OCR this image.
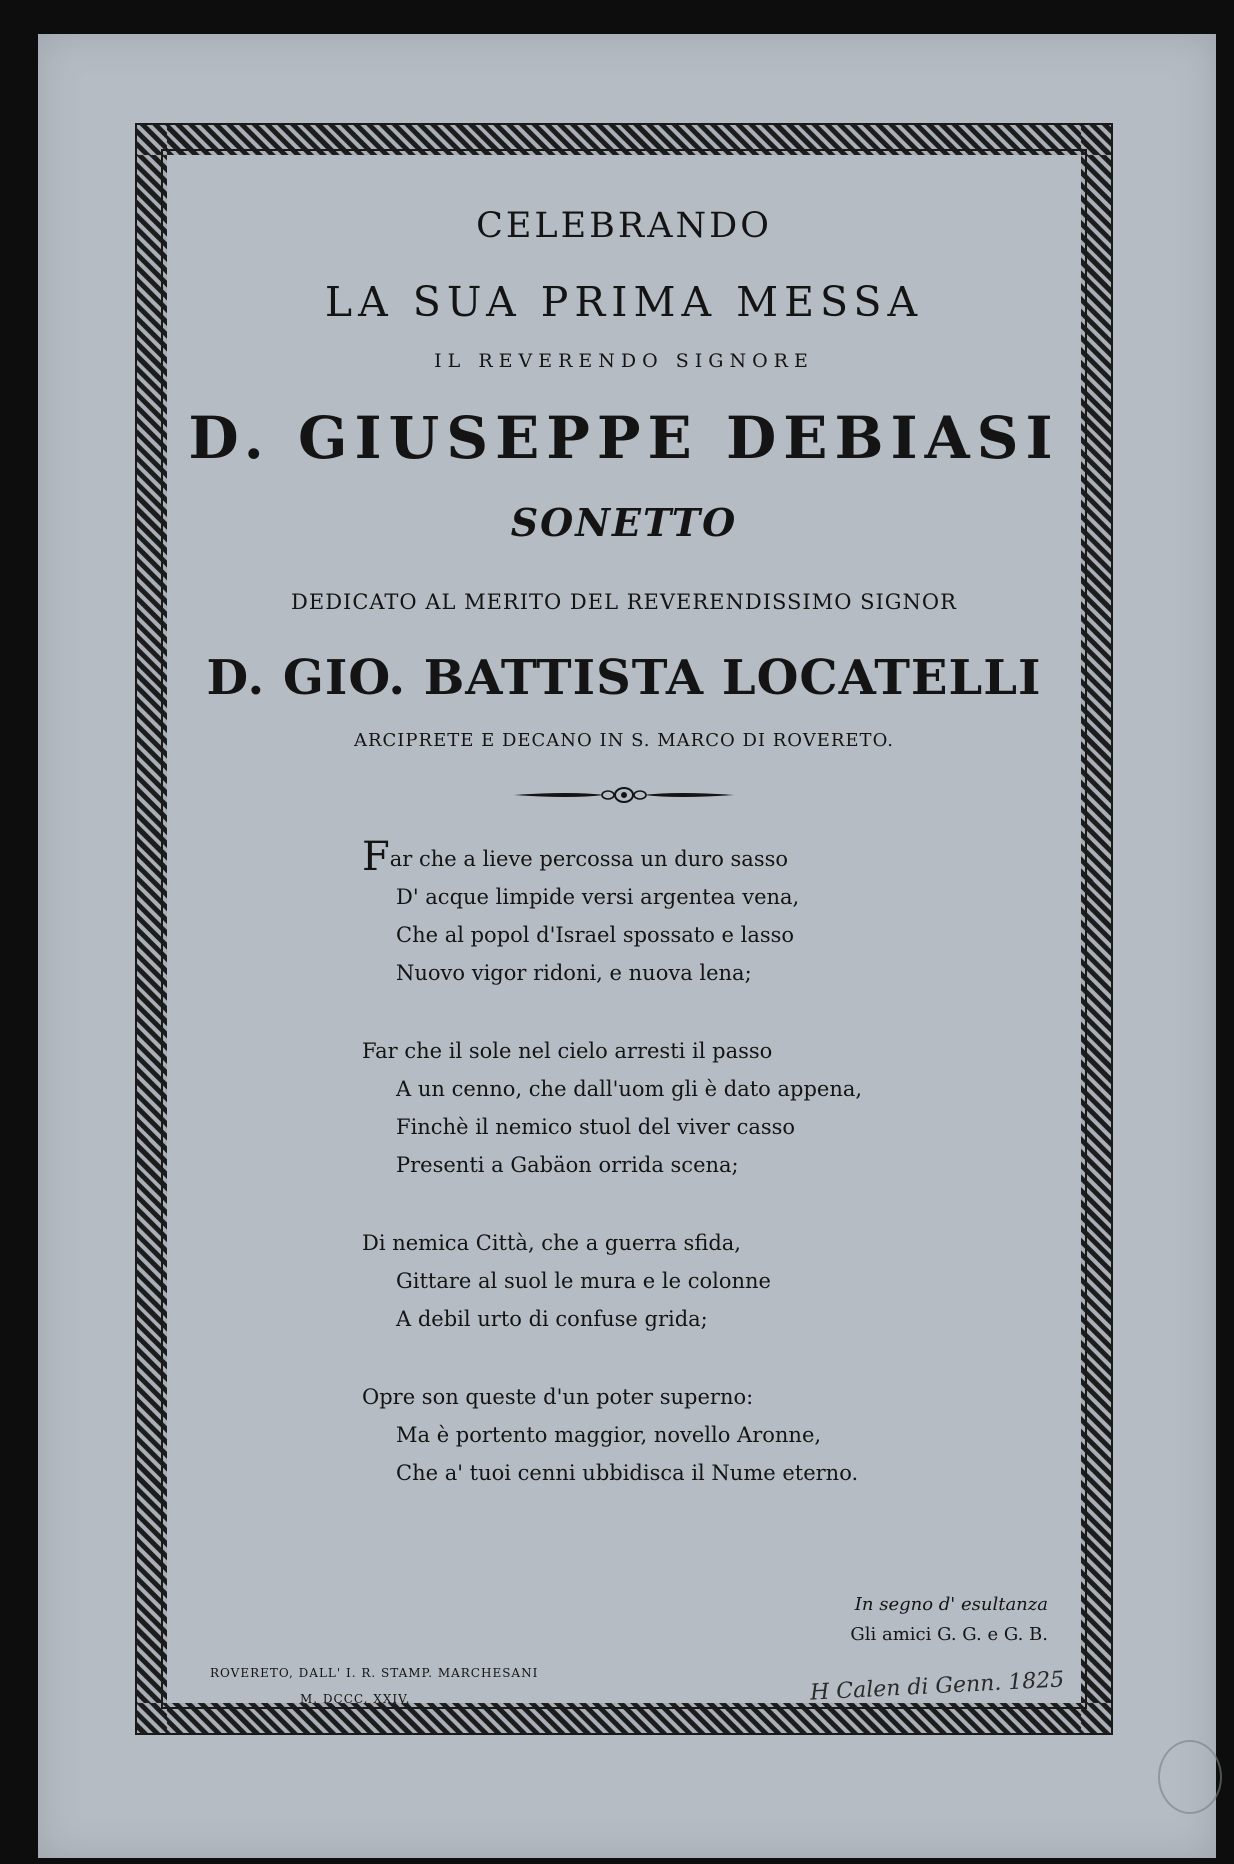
CELEBRANDO
LA SUA PRIMA MESSA
IL REVERENDO SIGNORE
D. GIUSEPPE DEBIASI
SONETTO
DEDICATO AL MERITO DEL REVERENDISSIMO SIGNOR
D. GIO. BATTISTA LOCATELLI
ARCIPRETE E DECANO IN S. MARCO DI ROVERETO.
Far che a lieve percossa un duro sasso
D' acque limpide versi argentea vena,
Che al popol d'Israel spossato e lasso
Nuovo vigor ridoni, e nuova lena;
Far che il sole nel cielo arresti il passo
A un cenno, che dall'uom gli è dato appena,
Finchè il nemico stuol del viver casso
Presenti a Gabäon orrida scena;
Di nemica Città, che a guerra sfida,
Gittare al suol le mura e le colonne
A debil urto di confuse grida;
Opre son queste d'un poter superno:
Ma è portento maggior, novello Aronne,
Che a' tuoi cenni ubbidisca il Nume eterno.
In segno d' esultanza
Gli amici G. G. e G. B.
ROVERETO, DALL' I. R. STAMP. MARCHESANI
M. DCCC. XXIV.	H Calen di Genn. 1825
